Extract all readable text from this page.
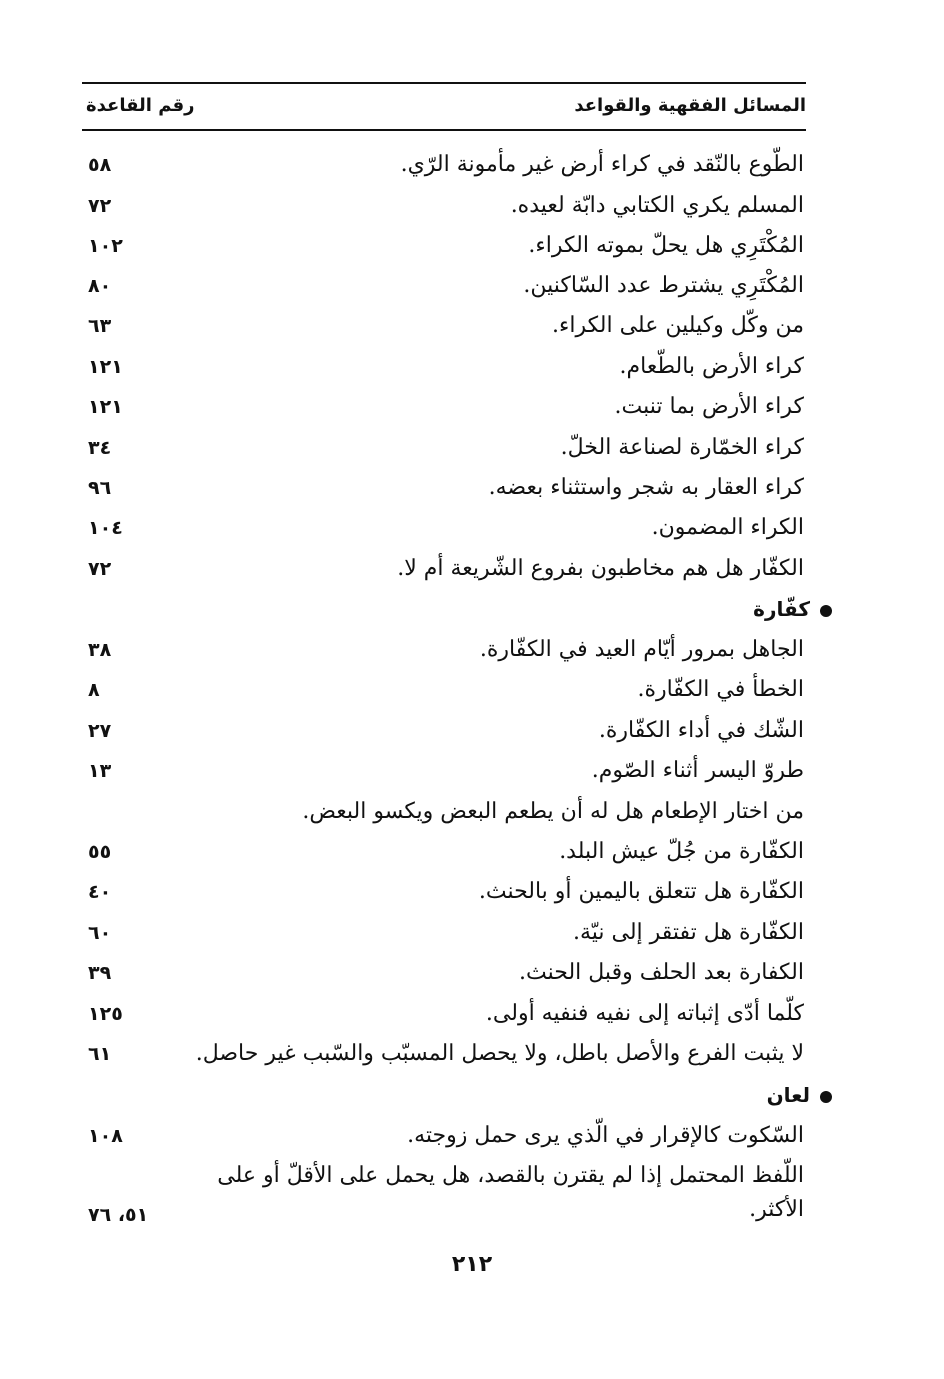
المسائل الفقهية والقواعد
رقم القاعدة
الطّوع بالنّقد في كراء أرض غير مأمونة الرّي.
٥٨
المسلم يكري الكتابي دابّة لعيده.
٧٢
المُكْتَرِي هل يحلّ بموته الكراء.
١٠٢
المُكْتَرِي يشترط عدد السّاكنين.
٨٠
من وكّل وكيلين على الكراء.
٦٣
كراء الأرض بالطّعام.
١٢١
كراء الأرض بما تنبت.
١٢١
كراء الخمّارة لصناعة الخلّ.
٣٤
كراء العقار به شجر واستثناء بعضه.
٩٦
الكراء المضمون.
١٠٤
الكفّار هل هم مخاطبون بفروع الشّريعة أم لا.
٧٢
كفّارة
الجاهل بمرور أيّام العيد في الكفّارة.
٣٨
الخطأ في الكفّارة.
٨
الشّك في أداء الكفّارة.
٢٧
طروّ اليسر أثناء الصّوم.
١٣
من اختار الإطعام هل له أن يطعم البعض ويكسو البعض.
الكفّارة من جُلّ عيش البلد.
٥٥
الكفّارة هل تتعلق باليمين أو بالحنث.
٤٠
الكفّارة هل تفتقر إلى نيّة.
٦٠
الكفارة بعد الحلف وقبل الحنث.
٣٩
كلّما أدّى إثباته إلى نفيه فنفيه أولى.
١٢٥
لا يثبت الفرع والأصل باطل، ولا يحصل المسبّب والسّبب غير حاصل.
٦١
لعان
السّكوت كالإقرار في الّذي يرى حمل زوجته.
١٠٨
اللّفظ المحتمل إذا لم يقترن بالقصد، هل يحمل على الأقلّ أو على الأكثر.
٥١، ٧٦
٢١٢
